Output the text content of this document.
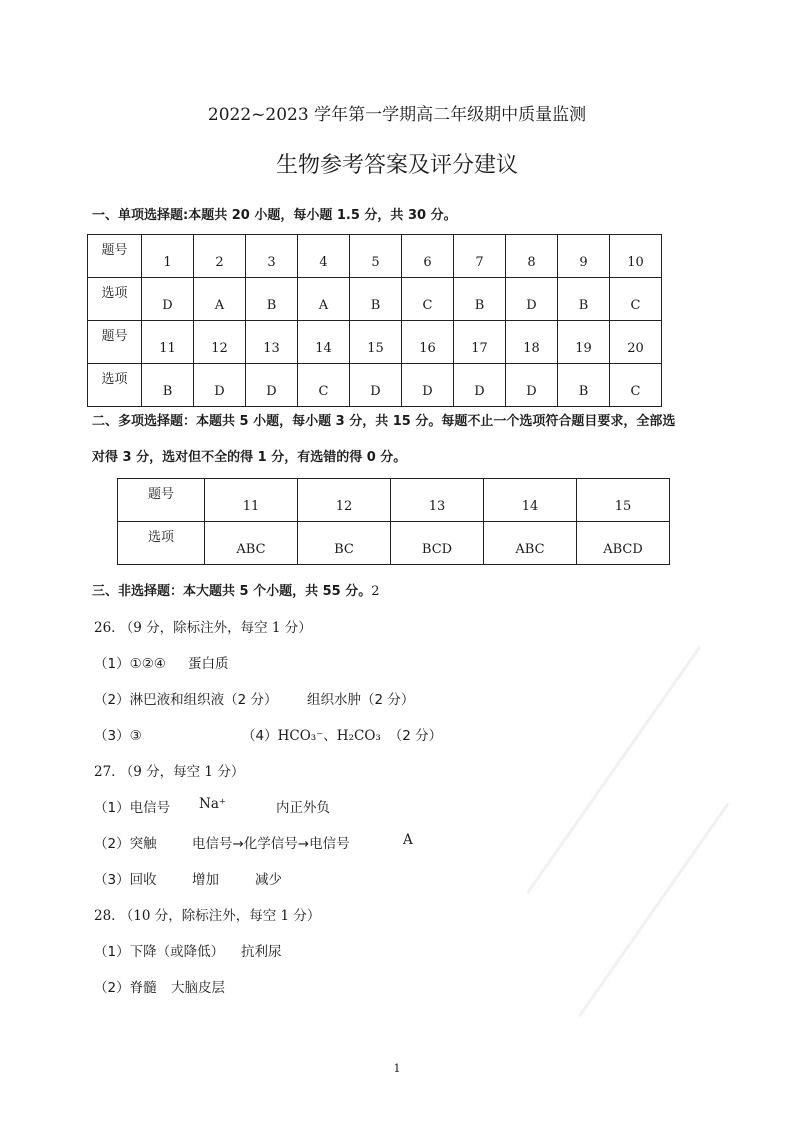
2022~2023 学年第一学期高二年级期中质量监测
生物参考答案及评分建议
一、单项选择题:本题共 20 小题，每小题 1.5 分，共 30 分。
题号	1	2	3	4	5	6	7	8	9	10
选项	D	A	B	A	B	C	B	D	B	C
题号	11	12	13	14	15	16	17	18	19	20
选项	B	D	D	C	D	D	D	D	B	C
二、多项选择题：本题共 5 小题，每小题 3 分，共 15 分。每题不止一个选项符合题目要求，全部选
对得 3 分，选对但不全的得 1 分，有选错的得 0 分。
题号	11	12	13	14	15
选项	ABC	BC	BCD	ABC	ABCD
三、非选择题：本大题共 5 个小题，共 55 分。2
26. （9 分，除标注外，每空 1 分）
（1）①②④ 蛋白质
（2）淋巴液和组织液（2 分） 组织水肿（2 分）
（3）③	（4）HCO₃⁻、H₂CO₃ （2 分）
27. （9 分，每空 1 分）
（1）电信号 Na⁺	内正外负
（2）突触	电信号→化学信号→电信号	A
（3）回收	增加	减少
28. （10 分，除标注外，每空 1 分）
（1）下降（或降低） 抗利尿
（2）脊髓 大脑皮层
1
